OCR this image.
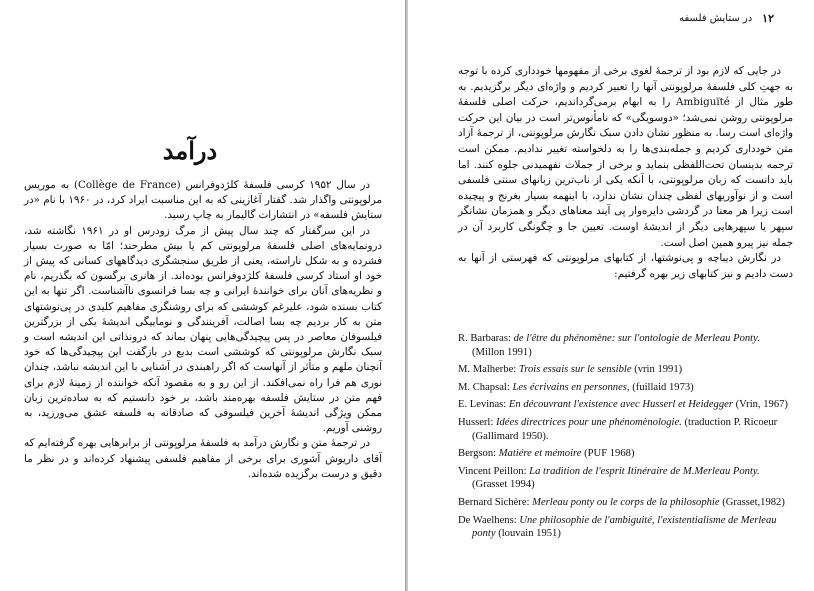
درآمد

در سال ۱۹۵۲ کرسی فلسفهٔ کلژدوفرانس (Collège de France) به موریس مرلوپونتی واگذار شد. گفتار آغازینی که به این مناسبت ایراد کرد، در ۱۹۶۰ با نام «در ستایش فلسفه» در انتشارات گالیمار به چاپ رسید.

در این سرگفتار که چند سال پیش از مرگ زودرس او در ۱۹۶۱ نگاشته شد، درونمایه‌های اصلی فلسفهٔ مرلوپونتی کم یا بیش مطرحند؛ امّا به صورت بسیار فشرده و به شکل ناراسته، یعنی از طریق سنجشگری دیدگاههای کسانی که پیش از خود او استاد کرسی فلسفهٔ کلژدوفرانس بوده‌اند. از هانری برگسون که بگذریم، نام و نظریه‌های آنان برای خوانندهٔ ایرانی و چه بسا فرانسوی ناآشناست. اگر تنها به این کتاب بسنده شود، علیرغم کوششی که برای روشنگری مفاهیم کلیدی در پی‌نوشتهای متن به کار بردیم چه بسا اصالت، آفرینندگی و نوماییگی اندیشهٔ یکی از بزرگترین فیلسوفان معاصر در پس پیچیدگی‌هایی پنهان بماند که درونذاتی این اندیشه است و سبک نگارش مرلوپونتی که کوششی است بدیع در بازگفت این پیچیدگی‌ها که خود آنچنان ملهم و متأثر از آنهاست که اگر راهبندی در آشنایی با این اندیشه نباشد، چندان نوری هم فرا راه نمی‌افکند. از این رو و به مقصود آنکه خواننده از زمینهٔ لازم برای فهم متن در ستایش فلسفه بهره‌مند باشد، بر خود دانستیم که به ساده‌ترین زبان ممکن ویژگی اندیشهٔ آخرین فیلسوفی که صادقانه به فلسفه عشق می‌ورزید، به روشنی آوریم.

در ترجمهٔ متن و نگارش درآمد به فلسفهٔ مرلوپونتی از برابرهایی بهره گرفته‌ایم که آقای داریوش آشوری برای برخی از مفاهیم فلسفی پیشنهاد کرده‌اند و در نظر ما دقیق و درست برگزیده شده‌اند.

۱۲
در ستایش فلسفه

در جایی که لازم بود از ترجمهٔ لغوی برخی از مفهومها خودداری کرده با توجه به جهتِ کلی فلسفهٔ مرلوپونتی آنها را تعبیر کردیم و واژه‌ای دیگر برگزیدیم. به طور مثال از Ambiguïté را به ابهام برمی‌گرداندیم، حرکت اصلی فلسفهٔ مرلوپونتی روشن نمی‌شد؛ «دوسویگی» که نامأنوس‌تر است در بیان این حرکت واژه‌ای است رسا. به منظور نشان دادن سبک نگارش مرلوپونتی، از ترجمهٔ آزاد متن خودداری کردیم و جمله‌بندی‌ها را به دلخواسته تغییر ندادیم. ممکن است ترجمه بدینسان تحت‌اللفظی بنماید و برخی از جملات نفهمیدنی جلوه کنند. اما باید دانست که زبان مرلوپونتی، با آنکه یکی از ناب‌ترین زبانهای سنتی فلسفی است و از نوآوریهای لفظی چندان نشان ندارد، با اینهمه بسیار بغرنج و پیچیده است زیرا هر معنا در گردشی دایره‌وار پی آیند معناهای دیگر و همزمان نشانگر سپهر یا سپهرهایی دیگر از اندیشهٔ اوست. تعیین جا و چگونگی کاربرد آن در جمله نیز پیرو همین اصل است.

در نگارش دیباچه و پی‌نوشتها، از کتابهای مرلوپونتی که فهرستی از آنها به دست دادیم و نیز کتابهای زیر بهره گرفتیم:

R. Barbaras: de l'être du phénomène: sur l'ontologie de Merleau Ponty. (Millon 1991)

M. Malherbe: Trois essais sur le sensible (vrin 1991)

M. Chapsal: Les écrivains en personnes, (fuillaid 1973)

E. Levinas: En découvrant l'existence avec Husserl et Heidegger (Vrin, 1967)

Husserl: Idées directrices pour une phénomènologie. (traduction P. Ricoeur (Gallimard 1950).

Bergson: Matiére et mémoire (PUF 1968)

Vincent Peillon: La tradition de l'esprit Itinéraire de M.Merleau Ponty. (Grasset 1994)

Bernard Sichère: Merleau ponty ou le corps de la philosophie (Grasset,1982)

De Waelhens: Une philosophie de l'ambiguité, l'existentialisme de Merleau ponty (louvain 1951)
